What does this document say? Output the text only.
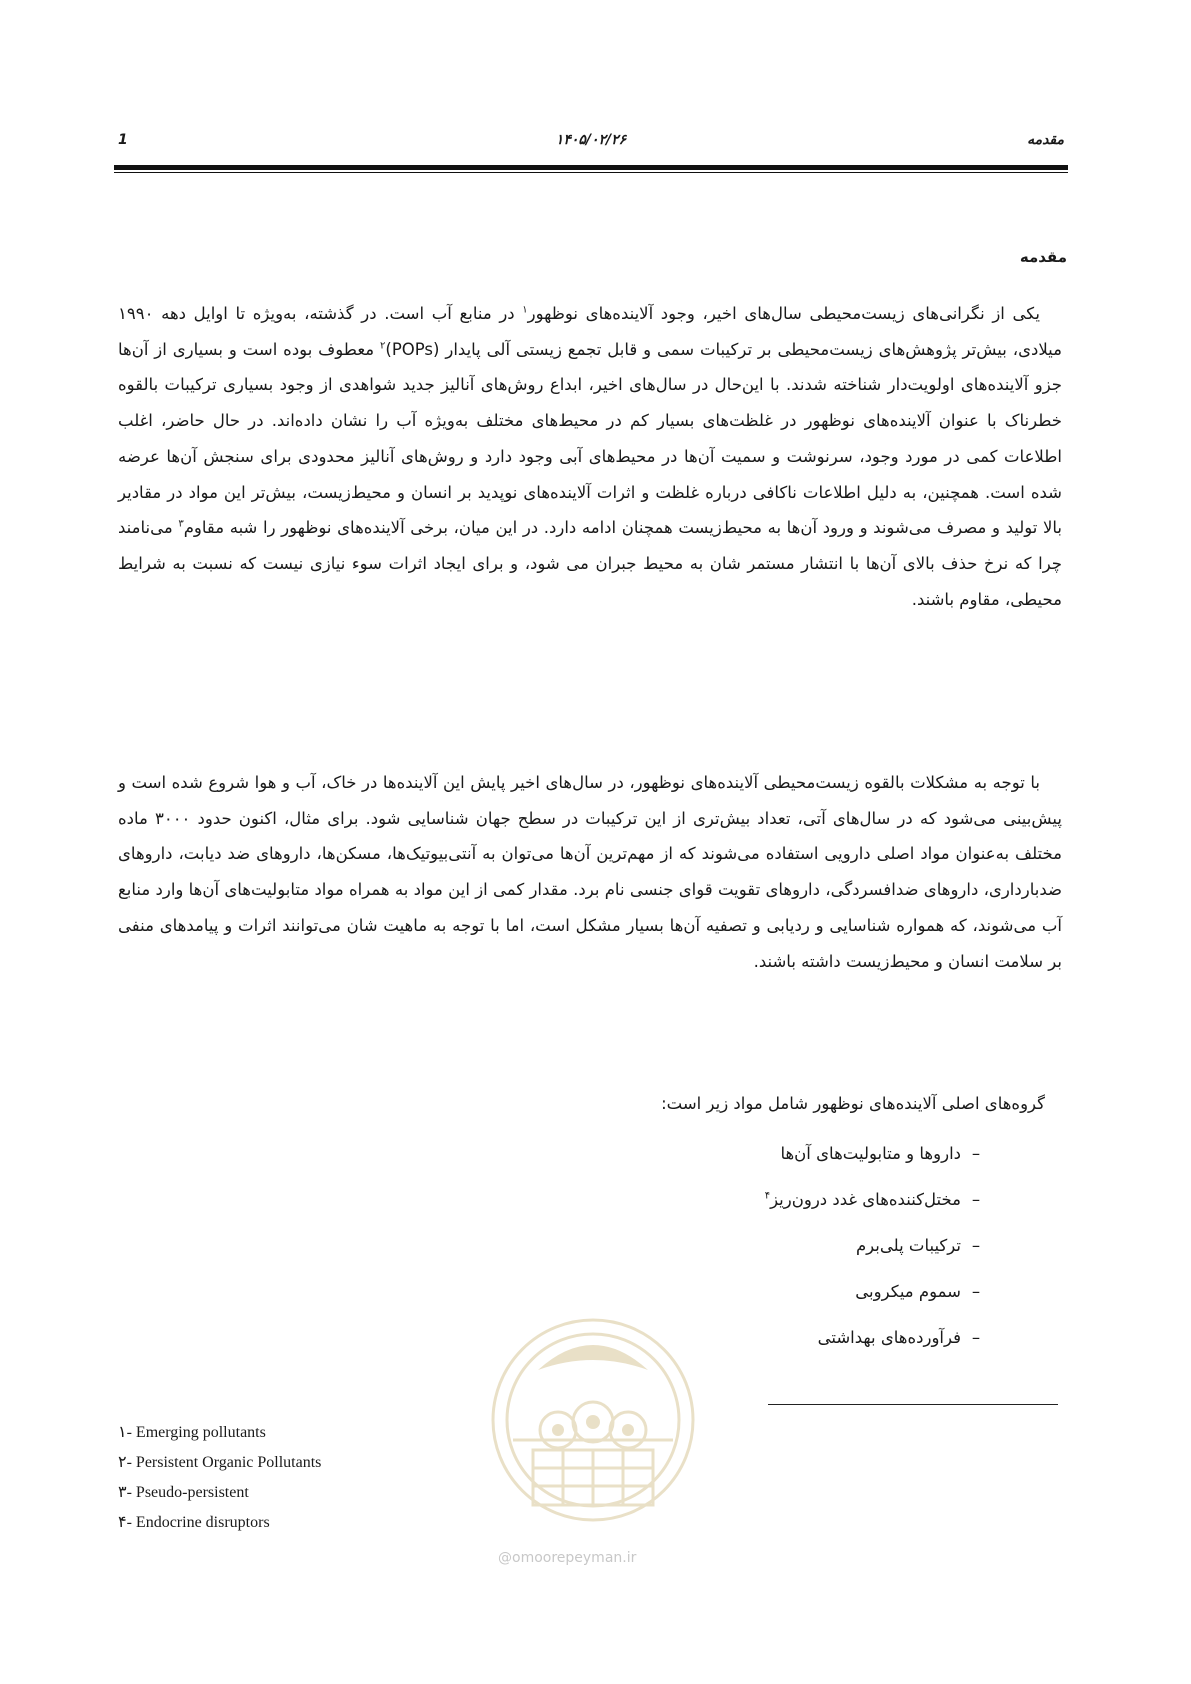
مقدمه
۱۴۰۵/۰۲/۲۶
1
مقدمه

یکی از نگرانی‌های زیست‌محیطی سال‌های اخیر، وجود آلاینده‌های نوظهور$^۱$ در منابع آب است. در گذشته، به‌ویژه تا اوایل دهه ۱۹۹۰ میلادی، بیش‌تر پژوهش‌های زیست‌محیطی بر ترکیبات سمی و قابل تجمع زیستی آلی پایدار (POPs)$^۲$ معطوف بوده است و بسیاری از آن‌ها جزو آلاینده‌های اولویت‌دار شناخته شدند. با این‌حال در سال‌های اخیر، ابداع روش‌های آنالیز جدید شواهدی از وجود بسیاری ترکیبات بالقوه خطرناک با عنوان آلاینده‌های نوظهور در غلظت‌های بسیار کم در محیط‌های مختلف به‌ویژه آب را نشان داده‌اند. در حال حاضر، اغلب اطلاعات کمی در مورد وجود، سرنوشت و سمیت آن‌ها در محیط‌های آبی وجود دارد و روش‌های آنالیز محدودی برای سنجش آن‌ها عرضه شده است. همچنین، به دلیل اطلاعات ناکافی درباره غلظت و اثرات آلاینده‌های نوپدید بر انسان و محیط‌زیست، بیش‌تر این مواد در مقادیر بالا تولید و مصرف می‌شوند و ورود آن‌ها به محیط‌زیست همچنان ادامه دارد. در این میان، برخی آلاینده‌های نوظهور را شبه مقاوم$^۳$ می‌نامند چرا که نرخ حذف بالای آن‌ها با انتشار مستمر شان به محیط جبران می شود، و برای ایجاد اثرات سوء نیازی نیست که نسبت به شرایط محیطی، مقاوم باشند.

با توجه به مشکلات بالقوه زیست‌محیطی آلاینده‌های نوظهور، در سال‌های اخیر پایش این آلاینده‌ها در خاک، آب و هوا شروع شده است و پیش‌بینی می‌شود که در سال‌های آتی، تعداد بیش‌تری از این ترکیبات در سطح جهان شناسایی شود. برای مثال، اکنون حدود ۳۰۰۰ ماده مختلف به‌عنوان مواد اصلی دارویی استفاده می‌شوند که از مهم‌ترین آن‌ها می‌توان به آنتی‌بیوتیک‌ها، مسکن‌ها، داروهای ضد دیابت، داروهای ضدبارداری، داروهای ضدافسردگی، داروهای تقویت قوای جنسی نام برد. مقدار کمی از این مواد به همراه مواد متابولیت‌های آن‌ها وارد منابع آب می‌شوند، که همواره شناسایی و ردیابی و تصفیه آن‌ها بسیار مشکل است، اما با توجه به ماهیت شان می‌توانند اثرات و پیامدهای منفی بر سلامت انسان و محیط‌زیست داشته باشند.

گروه‌های اصلی آلاینده‌های نوظهور شامل مواد زیر است:

–داروها و متابولیت‌های آن‌ها
–مختل‌کننده‌های غدد درون‌ریز$^۴$
–ترکیبات پلی‌برم
–سموم میکروبی
–فرآورده‌های بهداشتی
@omoorepeyman.ir
۱- Emerging pollutants
۲- Persistent Organic Pollutants
۳- Pseudo-persistent
۴- Endocrine disruptors
